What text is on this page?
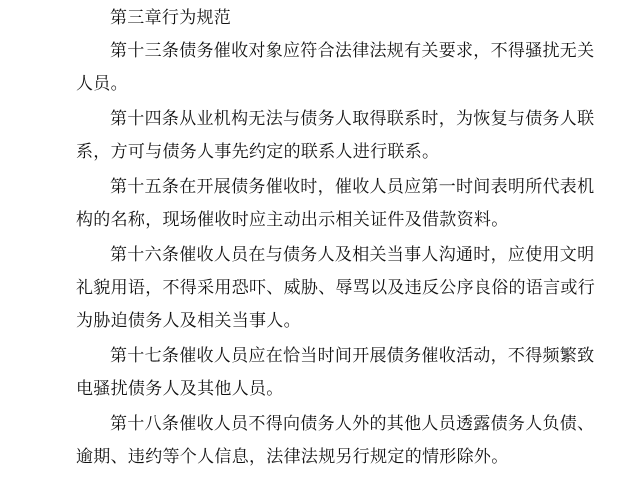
第三章行为规范
第十三条债务催收对象应符合法律法规有关要求，不得骚扰无关
人员。
第十四条从业机构无法与债务人取得联系时，为恢复与债务人联
系，方可与债务人事先约定的联系人进行联系。
第十五条在开展债务催收时，催收人员应第一时间表明所代表机
构的名称，现场催收时应主动出示相关证件及借款资料。
第十六条催收人员在与债务人及相关当事人沟通时，应使用文明
礼貌用语，不得采用恐吓、威胁、辱骂以及违反公序良俗的语言或行
为胁迫债务人及相关当事人。
第十七条催收人员应在恰当时间开展债务催收活动，不得频繁致
电骚扰债务人及其他人员。
第十八条催收人员不得向债务人外的其他人员透露债务人负债、
逾期、违约等个人信息，法律法规另行规定的情形除外。
